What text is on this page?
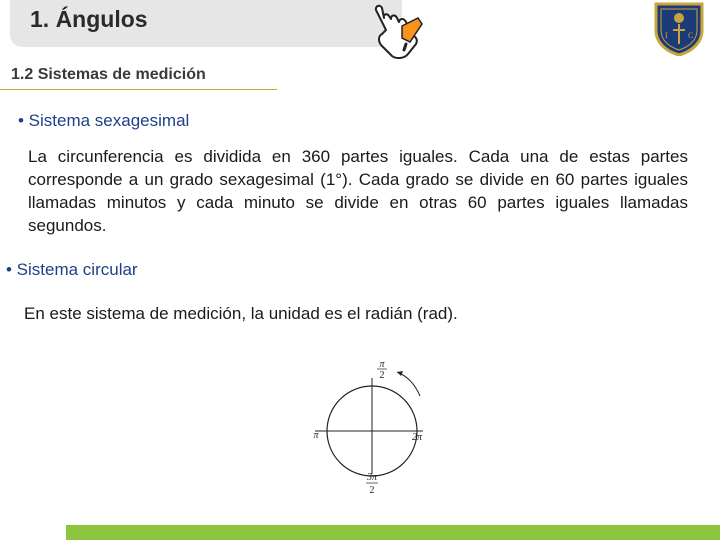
1. Ángulos
I	C
1.2 Sistemas de medición
• Sistema sexagesimal
La circunferencia es dividida en 360 partes iguales. Cada una de estas partes corresponde a un grado sexagesimal (1°). Cada grado se divide en 60 partes iguales llamadas minutos y cada minuto se divide en otras 60 partes iguales llamadas segundos.
• Sistema circular
En este sistema de medición, la unidad es el radián (rad).
π
2
π	2π
3π
2
